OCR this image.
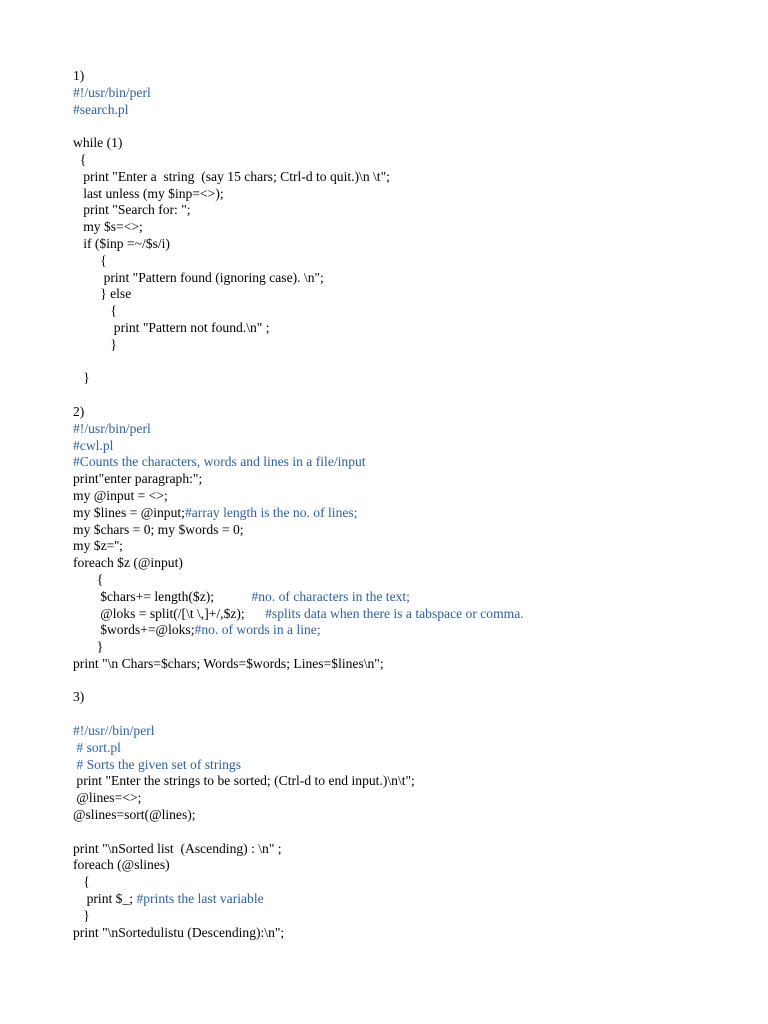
1)
#!/usr/bin/perl
#search.pl
while (1)
{
print "Enter a  string  (say 15 chars; Ctrl-d to quit.)\n \t";
last unless (my $inp=<>);
print "Search for: ";
my $s=<>;
if ($inp =~/$s/i)
{
print "Pattern found (ignoring case). \n";
} else
{
print "Pattern not found.\n" ;
}
}
2)
#!/usr/bin/perl
#cwl.pl
#Counts the characters, words and lines in a file/input
print"enter paragraph:";
my @input = <>;
my $lines = @input;#array length is the no. of lines;
my $chars = 0; my $words = 0;
my $z='';
foreach $z (@input)
{
$chars+= length($z);           #no. of characters in the text;
@loks = split(/[\t \,]+/,$z);      #splits data when there is a tabspace or comma.
$words+=@loks;#no. of words in a line;
}
print "\n Chars=$chars; Words=$words; Lines=$lines\n";
3)
#!/usr//bin/perl
# sort.pl
# Sorts the given set of strings
print "Enter the strings to be sorted; (Ctrl-d to end input.)\n\t";
@lines=<>;
@slines=sort(@lines);
print "\nSorted list  (Ascending) : \n" ;
foreach (@slines)
{
print $_; #prints the last variable
}
print "\nSortedulistu (Descending):\n";
